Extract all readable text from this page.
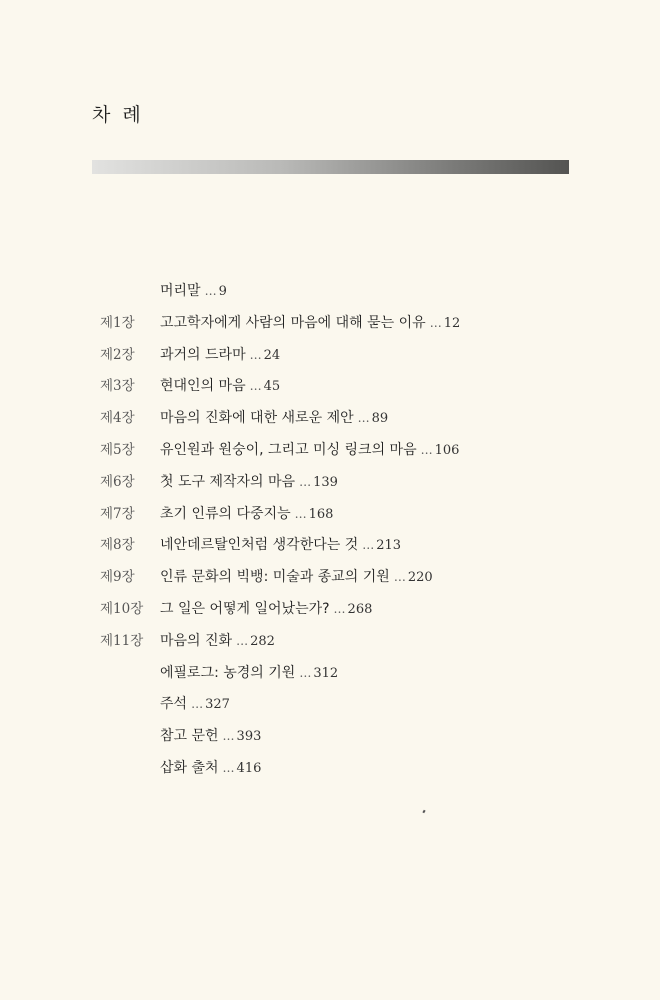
차 례
머리말 … 9
제1장 고고학자에게 사람의 마음에 대해 묻는 이유 … 12
제2장 과거의 드라마 … 24
제3장 현대인의 마음 … 45
제4장 마음의 진화에 대한 새로운 제안 … 89
제5장 유인원과 원숭이, 그리고 미싱 링크의 마음 … 106
제6장 첫 도구 제작자의 마음 … 139
제7장 초기 인류의 다중지능 … 168
제8장 네안데르탈인처럼 생각한다는 것 … 213
제9장 인류 문화의 빅뱅: 미술과 종교의 기원 … 220
제10장 그 일은 어떻게 일어났는가? … 268
제11장 마음의 진화 … 282
에필로그: 농경의 기원 … 312
주석 … 327
참고 문헌 … 393
삽화 출처 … 416
